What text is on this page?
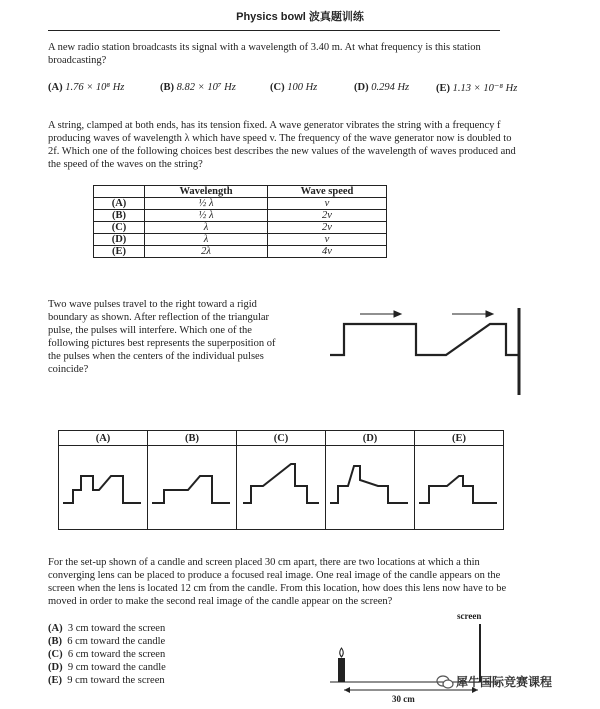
Physics bowl 波真题训练

A new radio station broadcasts its signal with a wavelength of 3.40 m. At what frequency is this station broadcasting?

(A) 1.76 × 10⁸ Hz	(B) 8.82 × 10⁷ Hz	(C) 100 Hz	(D) 0.294 Hz	(E) 1.13 × 10⁻⁸ Hz

A string, clamped at both ends, has its tension fixed. A wave generator vibrates the string with a frequency f producing waves of wavelength λ which have speed v. The frequency of the wave generator now is doubled to 2f. Which one of the following choices best describes the new values of the wavelength of waves produced and the speed of the waves on the string?

	Wavelength	Wave speed
(A)	½ λ	v
(B)	½ λ	2v
(C)	λ	2v
(D)	λ	v
(E)	2λ	4v

Two wave pulses travel to the right toward a rigid boundary as shown. After reflection of the triangular pulse, the pulses will interfere. Which one of the following pictures best represents the superposition of the pulses when the centers of the individual pulses coincide?

(A)	(B)	(C)	(D)	(E)

For the set-up shown of a candle and screen placed 30 cm apart, there are two locations at which a thin converging lens can be placed to produce a focused real image. One real image of the candle appears on the screen when the lens is located 12 cm from the candle. From this location, how does this lens now have to be moved in order to make the second real image of the candle appear on the screen?

(A) 3 cm toward the screen
(B) 6 cm toward the candle
(C) 6 cm toward the screen
(D) 9 cm toward the candle
(E) 9 cm toward the screen
screen
30 cm
犀牛国际竞赛课程
